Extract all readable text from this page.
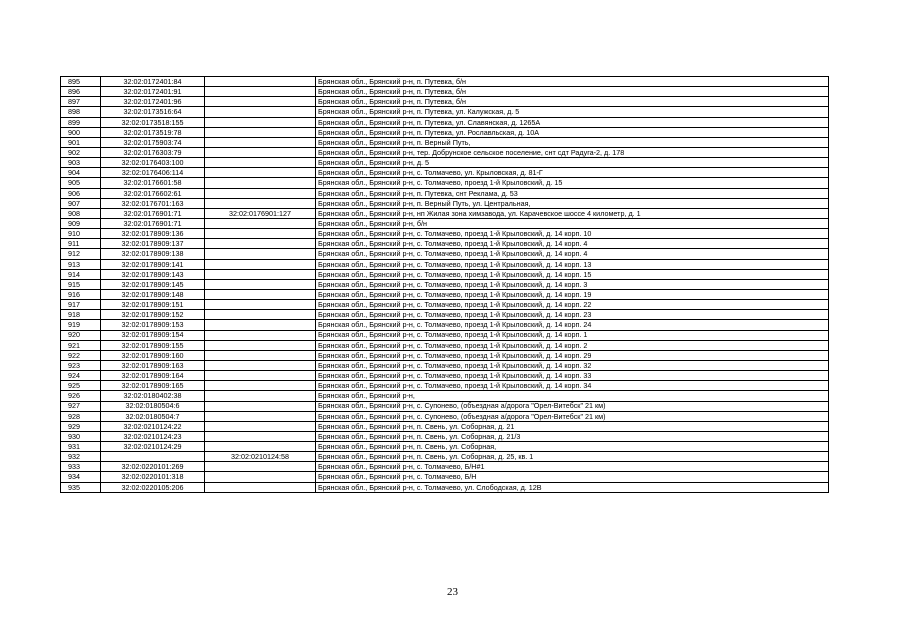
895	32:02:0172401:84		Брянская обл., Брянский р-н, п. Путевка, б/н
896	32:02:0172401:91		Брянская обл., Брянский р-н, п. Путевка, б/н
897	32:02:0172401:96		Брянская обл., Брянский р-н, п. Путевка, б/н
898	32:02:0173516:64		Брянская обл., Брянский р-н, п. Путевка, ул. Калужская, д. 5
899	32:02:0173518:155		Брянская обл., Брянский р-н, п. Путевка, ул. Славянская, д. 1265А
900	32:02:0173519:78		Брянская обл., Брянский р-н, п. Путевка, ул. Рославльская, д. 10А
901	32:02:0175903:74		Брянская обл., Брянский р-н, п. Верный Путь,
902	32:02:0176303:79		Брянская обл., Брянский р-н, тер. Добрунское сельское поселение, снт сдт Радуга-2, д. 178
903	32:02:0176403:100		Брянская обл., Брянский р-н, д. 5
904	32:02:0176406:114		Брянская обл., Брянский р-н, с. Толмачево, ул. Крыловская, д. 81-Г
905	32:02:0176601:58		Брянская обл., Брянский р-н, с. Толмачево, проезд 1-й Крыловский, д. 15
906	32:02:0176602:61		Брянская обл., Брянский р-н, п. Путевка, снт Реклама, д. 53
907	32:02:0176701:163		Брянская обл., Брянский р-н, п. Верный Путь, ул. Центральная,
908	32:02:0176901:71	32:02:0176901:127	Брянская обл., Брянский р-н, нп Жилая зона химзавода, ул. Карачевское шоссе 4 километр, д. 1
909	32:02:0176901:71		Брянская обл., Брянский р-н, б/н
910	32:02:0178909:136		Брянская обл., Брянский р-н, с. Толмачево, проезд 1-й Крыловский, д. 14 корп. 10
911	32:02:0178909:137		Брянская обл., Брянский р-н, с. Толмачево, проезд 1-й Крыловский, д. 14 корп. 4
912	32:02:0178909:138		Брянская обл., Брянский р-н, с. Толмачево, проезд 1-й Крыловский, д. 14 корп. 4
913	32:02:0178909:141		Брянская обл., Брянский р-н, с. Толмачево, проезд 1-й Крыловский, д. 14 корп. 13
914	32:02:0178909:143		Брянская обл., Брянский р-н, с. Толмачево, проезд 1-й Крыловский, д. 14 корп. 15
915	32:02:0178909:145		Брянская обл., Брянский р-н, с. Толмачево, проезд 1-й Крыловский, д. 14 корп. 3
916	32:02:0178909:148		Брянская обл., Брянский р-н, с. Толмачево, проезд 1-й Крыловский, д. 14 корп. 19
917	32:02:0178909:151		Брянская обл., Брянский р-н, с. Толмачево, проезд 1-й Крыловский, д. 14 корп. 22
918	32:02:0178909:152		Брянская обл., Брянский р-н, с. Толмачево, проезд 1-й Крыловский, д. 14 корп. 23
919	32:02:0178909:153		Брянская обл., Брянский р-н, с. Толмачево, проезд 1-й Крыловский, д. 14 корп. 24
920	32:02:0178909:154		Брянская обл., Брянский р-н, с. Толмачево, проезд 1-й Крыловский, д. 14 корп. 1
921	32:02:0178909:155		Брянская обл., Брянский р-н, с. Толмачево, проезд 1-й Крыловский, д. 14 корп. 2
922	32:02:0178909:160		Брянская обл., Брянский р-н, с. Толмачево, проезд 1-й Крыловский, д. 14 корп. 29
923	32:02:0178909:163		Брянская обл., Брянский р-н, с. Толмачево, проезд 1-й Крыловский, д. 14 корп. 32
924	32:02:0178909:164		Брянская обл., Брянский р-н, с. Толмачево, проезд 1-й Крыловский, д. 14 корп. 33
925	32:02:0178909:165		Брянская обл., Брянский р-н, с. Толмачево, проезд 1-й Крыловский, д. 14 корп. 34
926	32:02:0180402:38		Брянская обл., Брянский р-н,
927	32:02:0180504:6		Брянская обл., Брянский р-н, с. Супонево, (объездная а/дорога "Орел-Витебск" 21 км)
928	32:02:0180504:7		Брянская обл., Брянский р-н, с. Супонево, (объездная а/дорога "Орел-Витебск" 21 км)
929	32:02:0210124:22		Брянская обл., Брянский р-н, п. Свень, ул. Соборная, д. 21
930	32:02:0210124:23		Брянская обл., Брянский р-н, п. Свень, ул. Соборная, д. 21/3
931	32:02:0210124:29		Брянская обл., Брянский р-н, п. Свень, ул. Соборная,
932		32:02:0210124:58	Брянская обл., Брянский р-н, п. Свень, ул. Соборная, д. 25, кв. 1
933	32:02:0220101:269		Брянская обл., Брянский р-н, с. Толмачево, Б/Н#1
934	32:02:0220101:318		Брянская обл., Брянский р-н, с. Толмачево, Б/Н
935	32:02:0220105:206		Брянская обл., Брянский р-н, с. Толмачево, ул. Слободская, д. 12В
23
